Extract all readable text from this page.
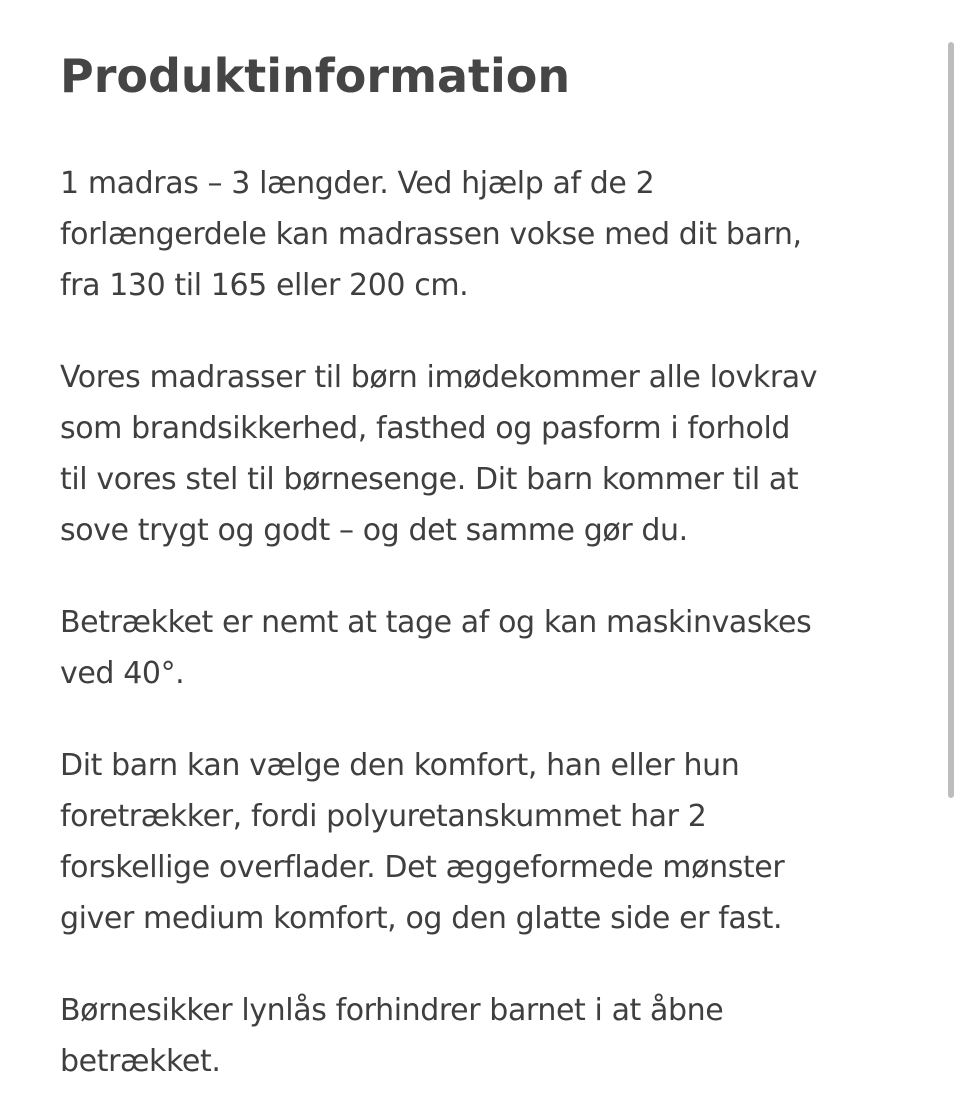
Produktinformation

1 madras – 3 længder. Ved hjælp af de 2
forlængerdele kan madrassen vokse med dit barn,
fra 130 til 165 eller 200 cm.

Vores madrasser til børn imødekommer alle lovkrav
som brandsikkerhed, fasthed og pasform i forhold
til vores stel til børnesenge. Dit barn kommer til at
sove trygt og godt – og det samme gør du.

Betrækket er nemt at tage af og kan maskinvaskes
ved 40°.

Dit barn kan vælge den komfort, han eller hun
foretrækker, fordi polyuretanskummet har 2
forskellige overflader. Det æggeformede mønster
giver medium komfort, og den glatte side er fast.

Børnesikker lynlås forhindrer barnet i at åbne
betrækket.
